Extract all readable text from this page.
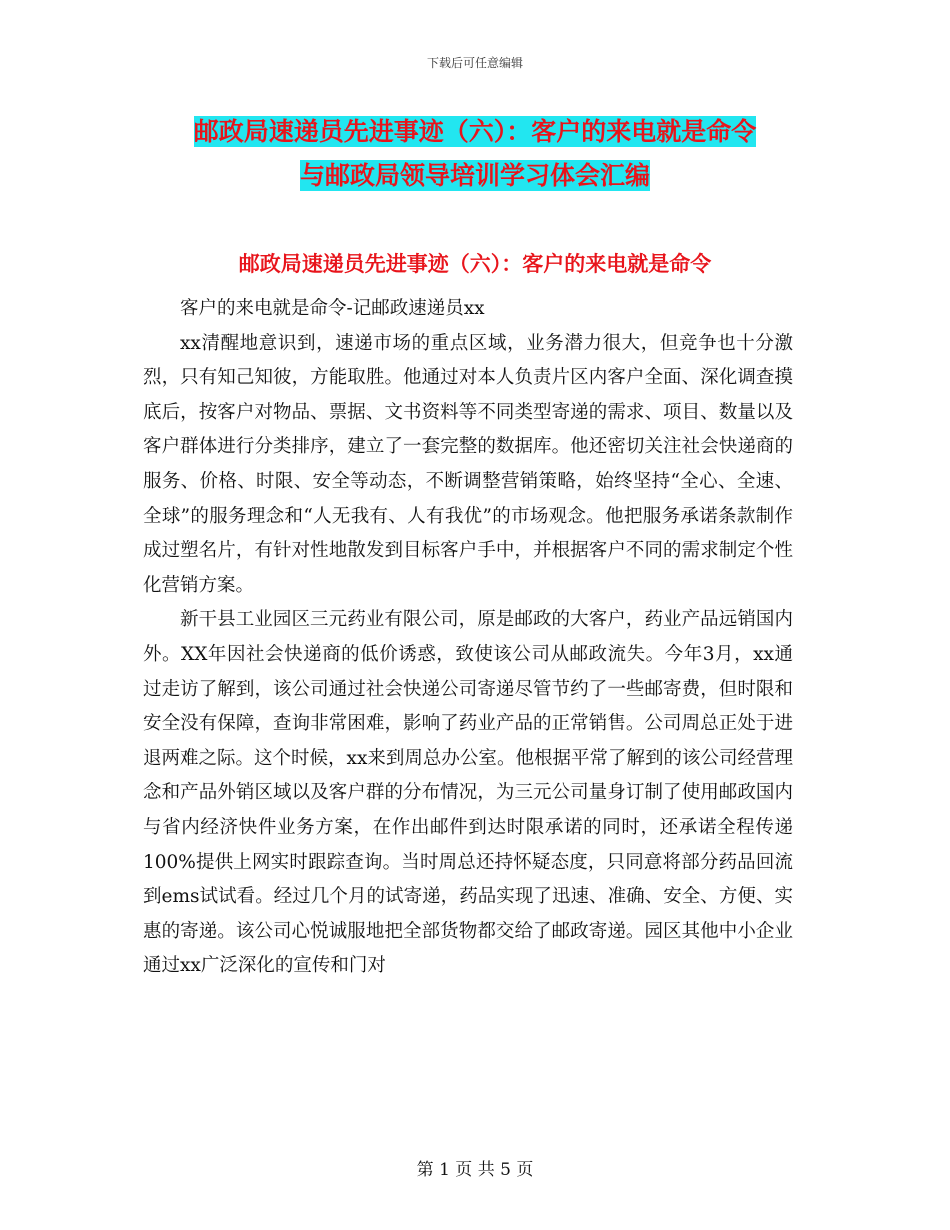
下载后可任意编辑
邮政局速递员先进事迹（六）：客户的来电就是命令
与邮政局领导培训学习体会汇编
邮政局速递员先进事迹（六）：客户的来电就是命令

客户的来电就是命令-记邮政速递员xx

xx清醒地意识到，速递市场的重点区域，业务潜力很大，但竞争也十分激烈，只有知己知彼，方能取胜。他通过对本人负责片区内客户全面、深化调查摸底后，按客户对物品、票据、文书资料等不同类型寄递的需求、项目、数量以及客户群体进行分类排序，建立了一套完整的数据库。他还密切关注社会快递商的服务、价格、时限、安全等动态，不断调整营销策略，始终坚持“全心、全速、全球”的服务理念和“人无我有、人有我优”的市场观念。他把服务承诺条款制作成过塑名片，有针对性地散发到目标客户手中，并根据客户不同的需求制定个性化营销方案。

新干县工业园区三元药业有限公司，原是邮政的大客户，药业产品远销国内外。XX年因社会快递商的低价诱惑，致使该公司从邮政流失。今年3月，xx通过走访了解到，该公司通过社会快递公司寄递尽管节约了一些邮寄费，但时限和安全没有保障，查询非常困难，影响了药业产品的正常销售。公司周总正处于进退两难之际。这个时候，xx来到周总办公室。他根据平常了解到的该公司经营理念和产品外销区域以及客户群的分布情况，为三元公司量身订制了使用邮政国内与省内经济快件业务方案，在作出邮件到达时限承诺的同时，还承诺全程传递100%提供上网实时跟踪查询。当时周总还持怀疑态度，只同意将部分药品回流到ems试试看。经过几个月的试寄递，药品实现了迅速、准确、安全、方便、实惠的寄递。该公司心悦诚服地把全部货物都交给了邮政寄递。园区其他中小企业通过xx广泛深化的宣传和门对

第 1 页 共 5 页
